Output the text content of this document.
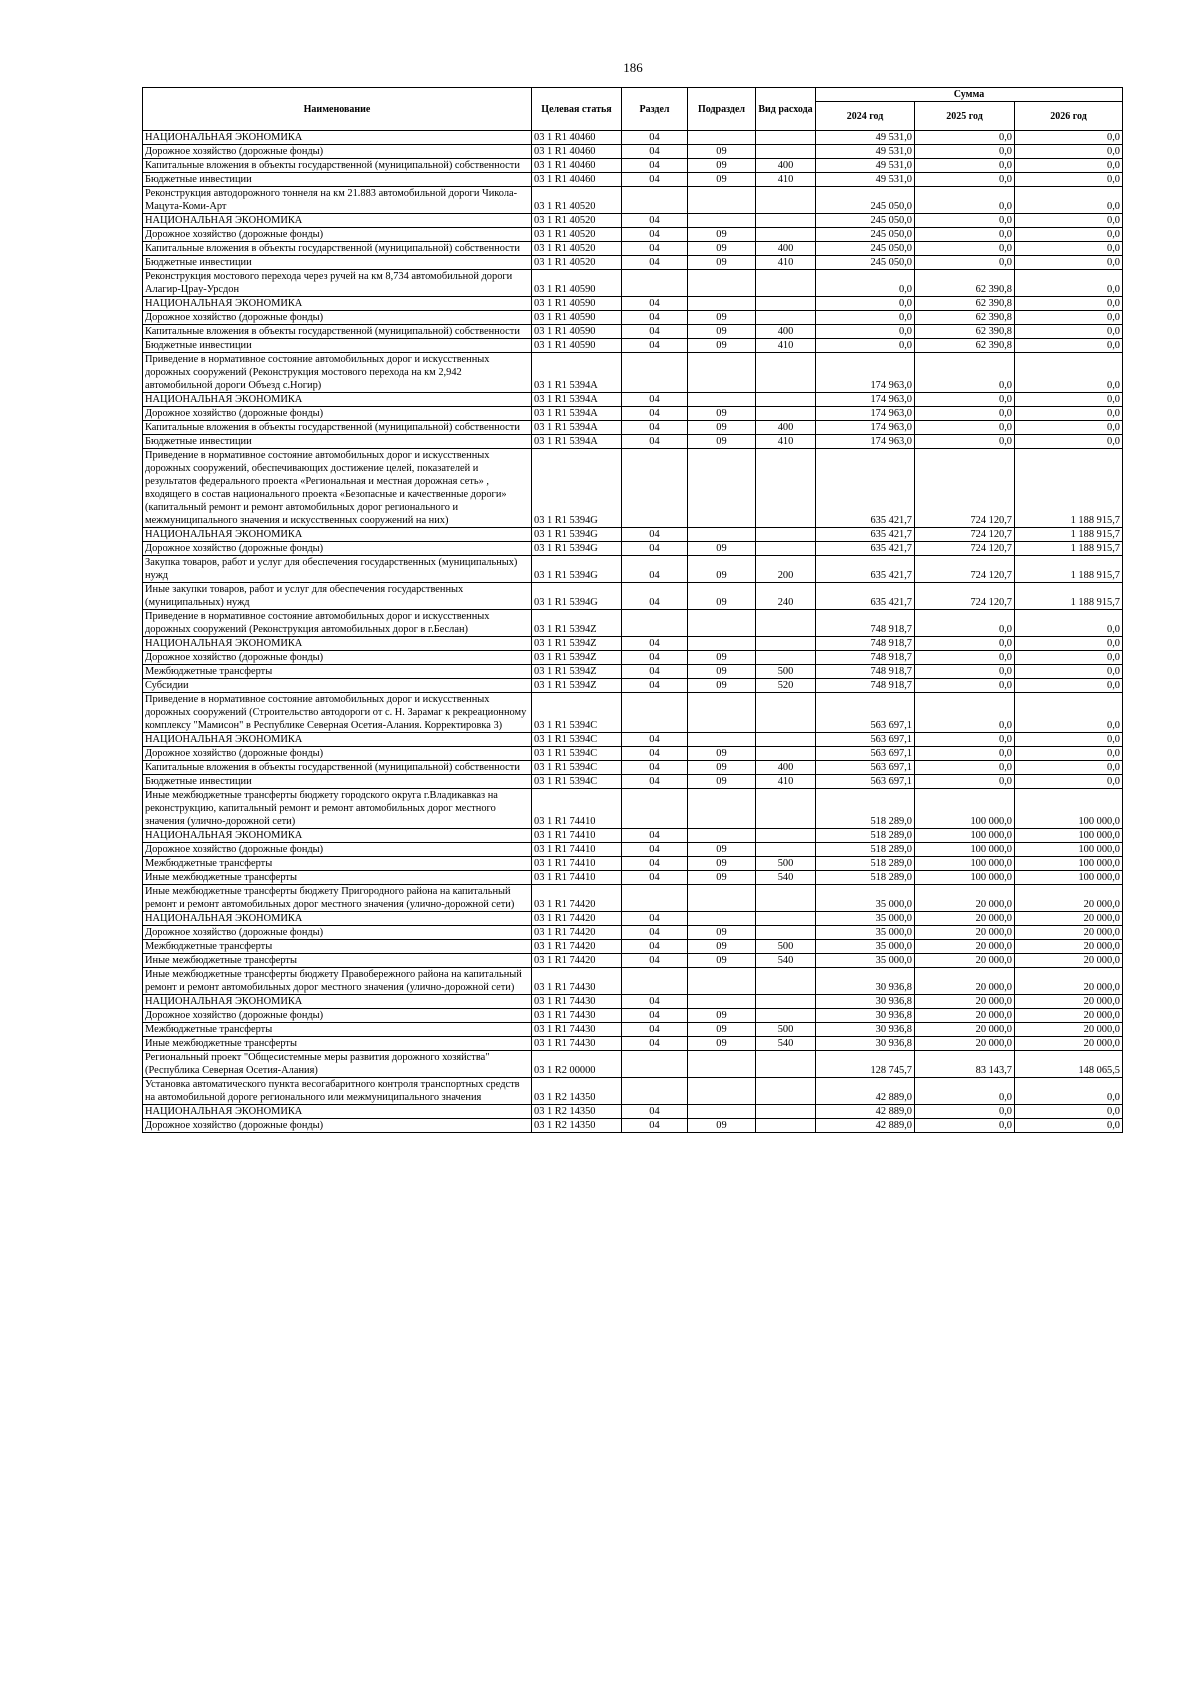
186
Наименование	Целевая статья	Раздел	Подраздел	Вид расхода	Сумма		
					2024 год	2025 год	2026 год
НАЦИОНАЛЬНАЯ ЭКОНОМИКА	03 1 R1 40460	04			49 531,0	0,0	0,0
Дорожное хозяйство (дорожные фонды)	03 1 R1 40460	04	09		49 531,0	0,0	0,0
Капитальные вложения в объекты государственной (муниципальной) собственности	03 1 R1 40460	04	09	400	49 531,0	0,0	0,0
Бюджетные инвестиции	03 1 R1 40460	04	09	410	49 531,0	0,0	0,0
Реконструкция автодорожного тоннеля на км 21.883 автомобильной дороги Чикола-Мацута-Коми-Арт	03 1 R1 40520				245 050,0	0,0	0,0
НАЦИОНАЛЬНАЯ ЭКОНОМИКА	03 1 R1 40520	04			245 050,0	0,0	0,0
Дорожное хозяйство (дорожные фонды)	03 1 R1 40520	04	09		245 050,0	0,0	0,0
Капитальные вложения в объекты государственной (муниципальной) собственности	03 1 R1 40520	04	09	400	245 050,0	0,0	0,0
Бюджетные инвестиции	03 1 R1 40520	04	09	410	245 050,0	0,0	0,0
Реконструкция мостового перехода через ручей на км 8,734 автомобильной дороги Алагир-Цраy-Урсдон	03 1 R1 40590				0,0	62 390,8	0,0
НАЦИОНАЛЬНАЯ ЭКОНОМИКА	03 1 R1 40590	04			0,0	62 390,8	0,0
Дорожное хозяйство (дорожные фонды)	03 1 R1 40590	04	09		0,0	62 390,8	0,0
Капитальные вложения в объекты государственной (муниципальной) собственности	03 1 R1 40590	04	09	400	0,0	62 390,8	0,0
Бюджетные инвестиции	03 1 R1 40590	04	09	410	0,0	62 390,8	0,0
Приведение в нормативное состояние автомобильных дорог и искусственных дорожных сооружений (Реконструкция мостового перехода на км 2,942 автомобильной дороги Объезд с.Ногир)	03 1 R1 5394A				174 963,0	0,0	0,0
НАЦИОНАЛЬНАЯ ЭКОНОМИКА	03 1 R1 5394A	04			174 963,0	0,0	0,0
Дорожное хозяйство (дорожные фонды)	03 1 R1 5394A	04	09		174 963,0	0,0	0,0
Капитальные вложения в объекты государственной (муниципальной) собственности	03 1 R1 5394A	04	09	400	174 963,0	0,0	0,0
Бюджетные инвестиции	03 1 R1 5394A	04	09	410	174 963,0	0,0	0,0
Приведение в нормативное состояние автомобильных дорог и искусственных дорожных сооружений, обеспечивающих достижение целей, показателей и результатов федерального проекта «Региональная и местная дорожная сеть» , входящего в состав национального проекта «Безопасные и качественные дороги» (капитальный ремонт и ремонт автомобильных дорог регионального и межмуниципального значения и искусственных сооружений на них)	03 1 R1 5394G				635 421,7	724 120,7	1 188 915,7
НАЦИОНАЛЬНАЯ ЭКОНОМИКА	03 1 R1 5394G	04			635 421,7	724 120,7	1 188 915,7
Дорожное хозяйство (дорожные фонды)	03 1 R1 5394G	04	09		635 421,7	724 120,7	1 188 915,7
Закупка товаров, работ и услуг для обеспечения государственных (муниципальных) нужд	03 1 R1 5394G	04	09	200	635 421,7	724 120,7	1 188 915,7
Иные закупки товаров, работ и услуг для обеспечения государственных (муниципальных) нужд	03 1 R1 5394G	04	09	240	635 421,7	724 120,7	1 188 915,7
Приведение в нормативное состояние автомобильных дорог и искусственных дорожных сооружений (Реконструкция автомобильных дорог в г.Беслан)	03 1 R1 5394Z				748 918,7	0,0	0,0
НАЦИОНАЛЬНАЯ ЭКОНОМИКА	03 1 R1 5394Z	04			748 918,7	0,0	0,0
Дорожное хозяйство (дорожные фонды)	03 1 R1 5394Z	04	09		748 918,7	0,0	0,0
Межбюджетные трансферты	03 1 R1 5394Z	04	09	500	748 918,7	0,0	0,0
Субсидии	03 1 R1 5394Z	04	09	520	748 918,7	0,0	0,0
Приведение в нормативное состояние автомобильных дорог и искусственных дорожных сооружений (Строительство автодороги от с. Н. Зарамаг к рекреационному комплексу "Мамисон" в Республике Северная Осетия-Алания. Корректировка 3)	03 1 R1 5394C				563 697,1	0,0	0,0
НАЦИОНАЛЬНАЯ ЭКОНОМИКА	03 1 R1 5394C	04			563 697,1	0,0	0,0
Дорожное хозяйство (дорожные фонды)	03 1 R1 5394C	04	09		563 697,1	0,0	0,0
Капитальные вложения в объекты государственной (муниципальной) собственности	03 1 R1 5394C	04	09	400	563 697,1	0,0	0,0
Бюджетные инвестиции	03 1 R1 5394C	04	09	410	563 697,1	0,0	0,0
Иные межбюджетные трансферты бюджету городского округа г.Владикавказ на реконструкцию, капитальный ремонт и ремонт автомобильных дорог местного значения (улично-дорожной сети)	03 1 R1 74410				518 289,0	100 000,0	100 000,0
НАЦИОНАЛЬНАЯ ЭКОНОМИКА	03 1 R1 74410	04			518 289,0	100 000,0	100 000,0
Дорожное хозяйство (дорожные фонды)	03 1 R1 74410	04	09		518 289,0	100 000,0	100 000,0
Межбюджетные трансферты	03 1 R1 74410	04	09	500	518 289,0	100 000,0	100 000,0
Иные межбюджетные трансферты	03 1 R1 74410	04	09	540	518 289,0	100 000,0	100 000,0
Иные межбюджетные трансферты бюджету Пригородного района на капитальный ремонт и ремонт автомобильных дорог местного значения (улично-дорожной сети)	03 1 R1 74420				35 000,0	20 000,0	20 000,0
НАЦИОНАЛЬНАЯ ЭКОНОМИКА	03 1 R1 74420	04			35 000,0	20 000,0	20 000,0
Дорожное хозяйство (дорожные фонды)	03 1 R1 74420	04	09		35 000,0	20 000,0	20 000,0
Межбюджетные трансферты	03 1 R1 74420	04	09	500	35 000,0	20 000,0	20 000,0
Иные межбюджетные трансферты	03 1 R1 74420	04	09	540	35 000,0	20 000,0	20 000,0
Иные межбюджетные трансферты бюджету Правобережного района на капитальный ремонт и ремонт автомобильных дорог местного значения (улично-дорожной сети)	03 1 R1 74430				30 936,8	20 000,0	20 000,0
НАЦИОНАЛЬНАЯ ЭКОНОМИКА	03 1 R1 74430	04			30 936,8	20 000,0	20 000,0
Дорожное хозяйство (дорожные фонды)	03 1 R1 74430	04	09		30 936,8	20 000,0	20 000,0
Межбюджетные трансферты	03 1 R1 74430	04	09	500	30 936,8	20 000,0	20 000,0
Иные межбюджетные трансферты	03 1 R1 74430	04	09	540	30 936,8	20 000,0	20 000,0
Региональный проект "Общесистемные меры развития дорожного хозяйства" (Республика Северная Осетия-Алания)	03 1 R2 00000				128 745,7	83 143,7	148 065,5
Установка автоматического пункта весогабаритного контроля транспортных средств на автомобильной дороге регионального или межмуниципального значения	03 1 R2 14350				42 889,0	0,0	0,0
НАЦИОНАЛЬНАЯ ЭКОНОМИКА	03 1 R2 14350	04			42 889,0	0,0	0,0
Дорожное хозяйство (дорожные фонды)	03 1 R2 14350	04	09		42 889,0	0,0	0,0
